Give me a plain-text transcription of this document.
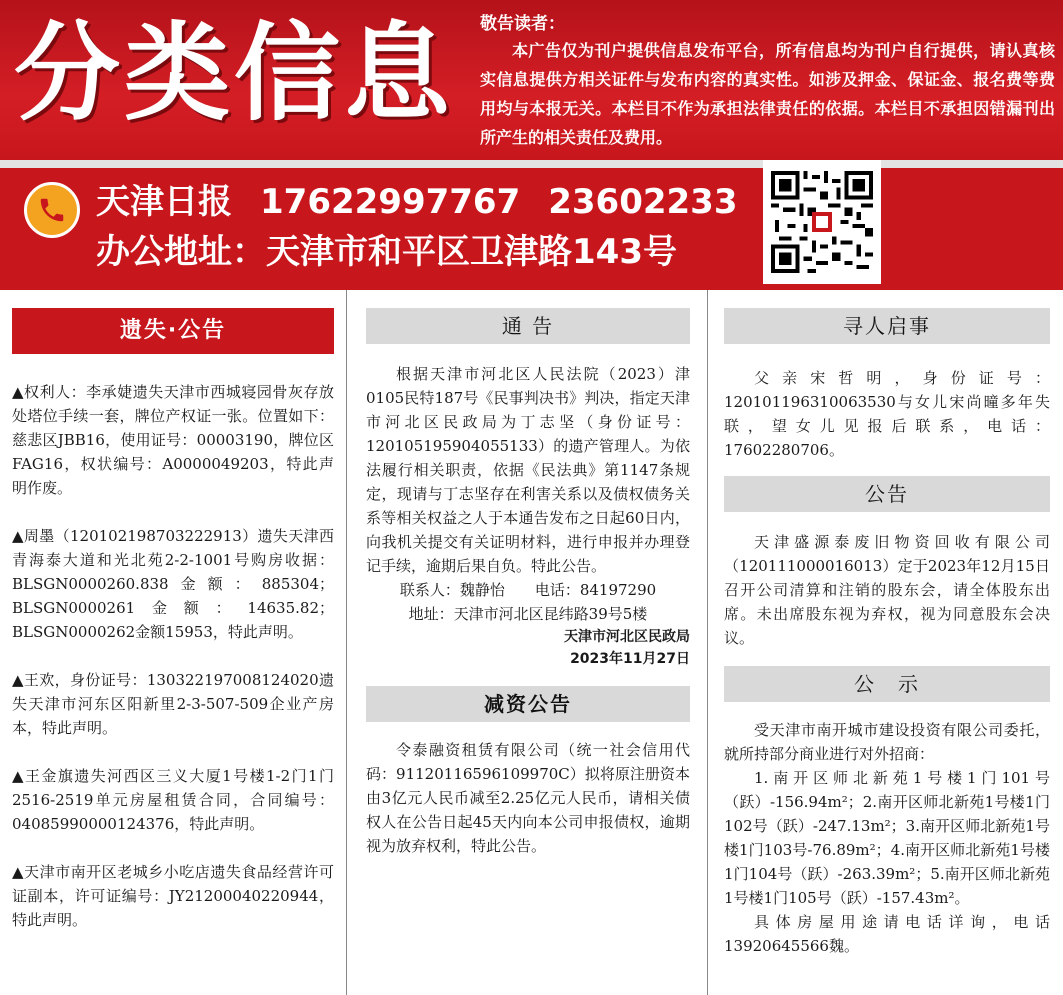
分类信息	敬告读者：
本广告仅为刊户提供信息发布平台，所有信息均为刊户自行提供，请认真核实信息提供方相关证件与发布内容的真实性。如涉及押金、保证金、报名费等费用均与本报无关。本栏目不作为承担法律责任的依据。本栏目不承担因错漏刊出所产生的相关责任及费用。
天津日报 17622997767 23602233
办公地址：天津市和平区卫津路143号
遗失·公告
▲权利人：李承婕遗失天津市西城寝园骨灰存放处塔位手续一套，牌位产权证一张。位置如下：慈悲区JBB16，使用证号：00003190，牌位区FAG16，权状编号：A0000049203，特此声明作废。
▲周墨（120102198703222913）遗失天津西青海泰大道和光北苑2-2-1001号购房收据：BLSGN0000260.838金额：885304；BLSGN0000261金额：14635.82；BLSGN0000262金额15953，特此声明。
▲王欢，身份证号：130322197008124020遗失天津市河东区阳新里2-3-507-509企业产房本，特此声明。
▲王金旗遗失河西区三义大厦1号楼1-2门1门2516-2519单元房屋租赁合同，合同编号：04085990000124376，特此声明。
▲天津市南开区老城乡小吃店遗失食品经营许可证副本，许可证编号：JY21200040220944，特此声明。
通 告
根据天津市河北区人民法院（2023）津0105民特187号《民事判决书》判决，指定天津市河北区民政局为丁志坚（身份证号：120105195904055133）的遗产管理人。为依法履行相关职责，依据《民法典》第1147条规定，现请与丁志坚存在利害关系以及债权债务关系等相关权益之人于本通告发布之日起60日内，向我机关提交有关证明材料，进行申报并办理登记手续，逾期后果自负。特此公告。
联系人：魏静怡　　电话：84197290
地址：天津市河北区昆纬路39号5楼
天津市河北区民政局
2023年11月27日
减资公告
令泰融资租赁有限公司（统一社会信用代码：91120116596109970C）拟将原注册资本由3亿元人民币减至2.25亿元人民币，请相关债权人在公告日起45天内向本公司申报债权，逾期视为放弃权利，特此公告。
寻人启事
父亲宋哲明，身份证号：120101196310063530与女儿宋尚曈多年失联，望女儿见报后联系，电话：17602280706。
公告
天津盛源泰废旧物资回收有限公司（120111000016013）定于2023年12月15日召开公司清算和注销的股东会，请全体股东出席。未出席股东视为弃权，视为同意股东会决议。
公　示
受天津市南开城市建设投资有限公司委托，就所持部分商业进行对外招商：
1.南开区师北新苑1号楼1门101号（跃）-156.94m²；2.南开区师北新苑1号楼1门102号（跃）-247.13m²；3.南开区师北新苑1号楼1门103号-76.89m²；4.南开区师北新苑1号楼1门104号（跃）-263.39m²；5.南开区师北新苑1号楼1门105号（跃）-157.43m²。
具体房屋用途请电话详询，电话13920645566魏。
